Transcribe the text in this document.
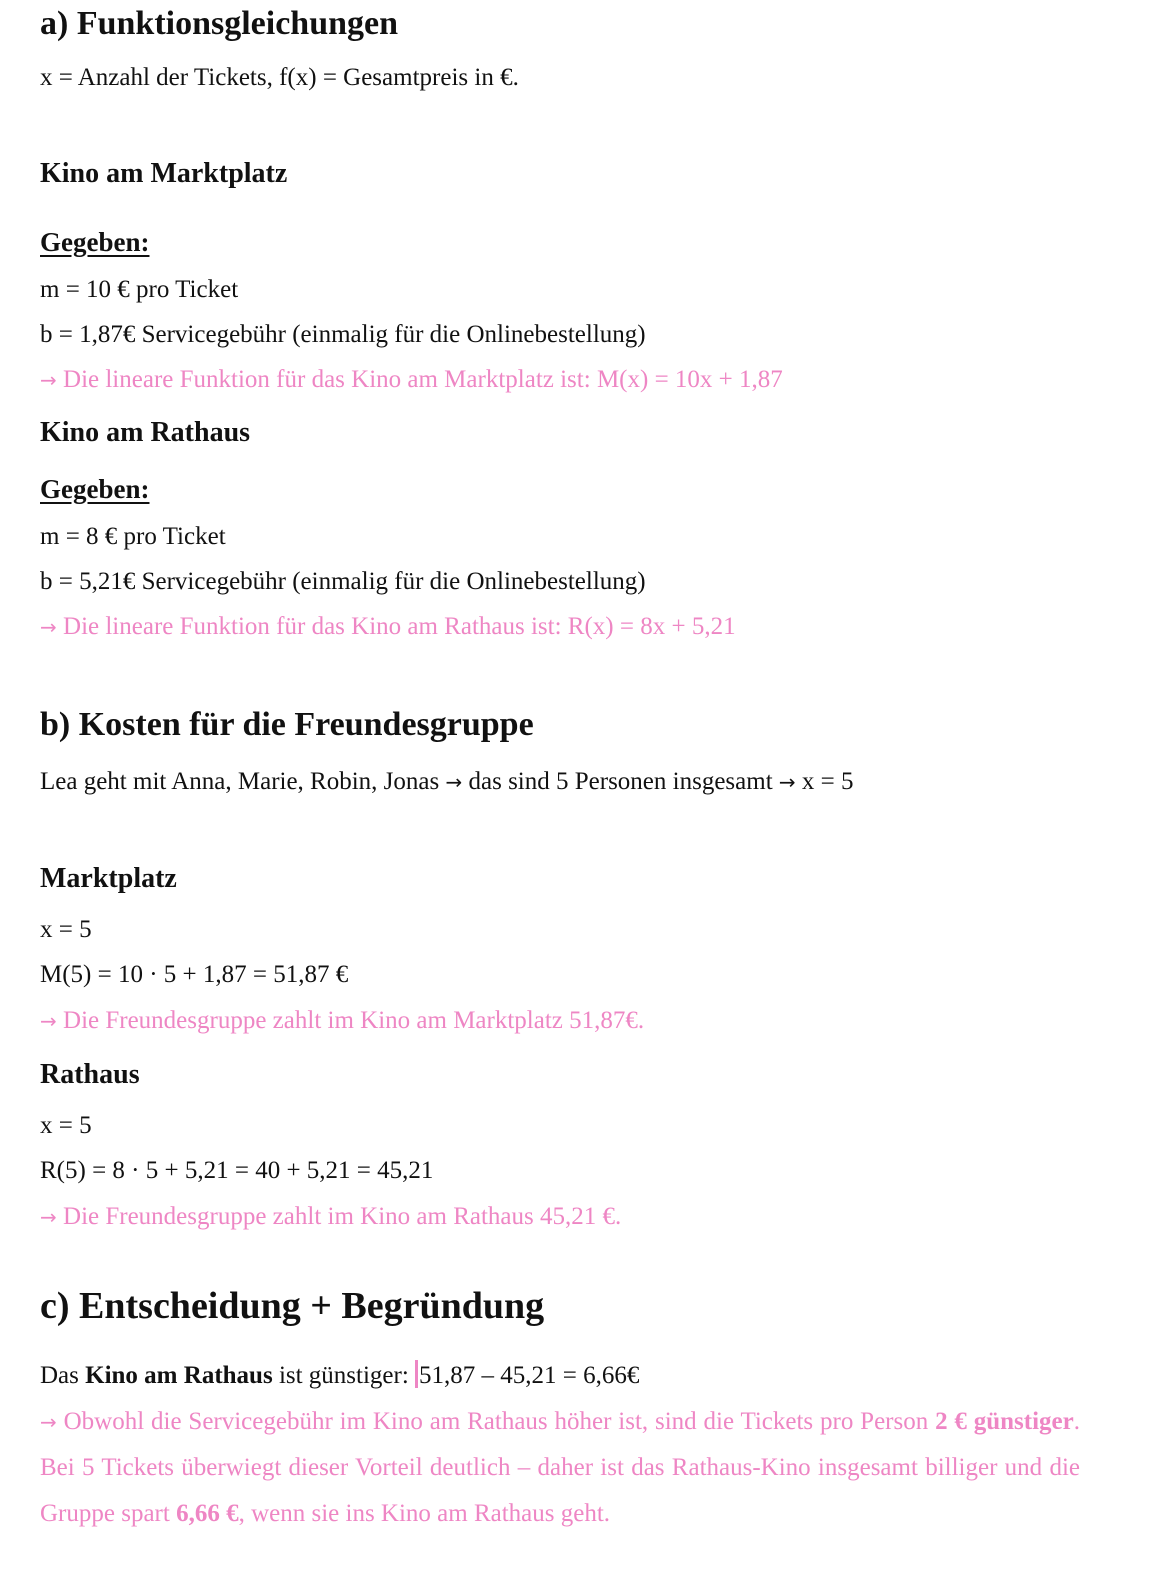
a) Funktionsgleichungen
x = Anzahl der Tickets, f(x) = Gesamtpreis in €.
Kino am Marktplatz
Gegeben:
m = 10 € pro Ticket
b = 1,87€ Servicegebühr (einmalig für die Onlinebestellung)
→ Die lineare Funktion für das Kino am Marktplatz ist: M(x) = 10x + 1,87
Kino am Rathaus
Gegeben:
m = 8 € pro Ticket
b = 5,21€ Servicegebühr (einmalig für die Onlinebestellung)
→ Die lineare Funktion für das Kino am Rathaus ist: R(x) = 8x + 5,21
b) Kosten für die Freundesgruppe
Lea geht mit Anna, Marie, Robin, Jonas → das sind 5 Personen insgesamt → x = 5
Marktplatz
x = 5
M(5) = 10 · 5 + 1,87 = 51,87 €
→ Die Freundesgruppe zahlt im Kino am Marktplatz 51,87€.
Rathaus
x = 5
R(5) = 8 · 5 + 5,21 = 40 + 5,21 = 45,21
→ Die Freundesgruppe zahlt im Kino am Rathaus 45,21 €.
c) Entscheidung + Begründung
Das Kino am Rathaus ist günstiger: 51,87 – 45,21 = 6,66€
→ Obwohl die Servicegebühr im Kino am Rathaus höher ist, sind die Tickets pro Person 2 € günstiger. Bei 5 Tickets überwiegt dieser Vorteil deutlich – daher ist das Rathaus-Kino insgesamt billiger und die Gruppe spart 6,66 €, wenn sie ins Kino am Rathaus geht.
